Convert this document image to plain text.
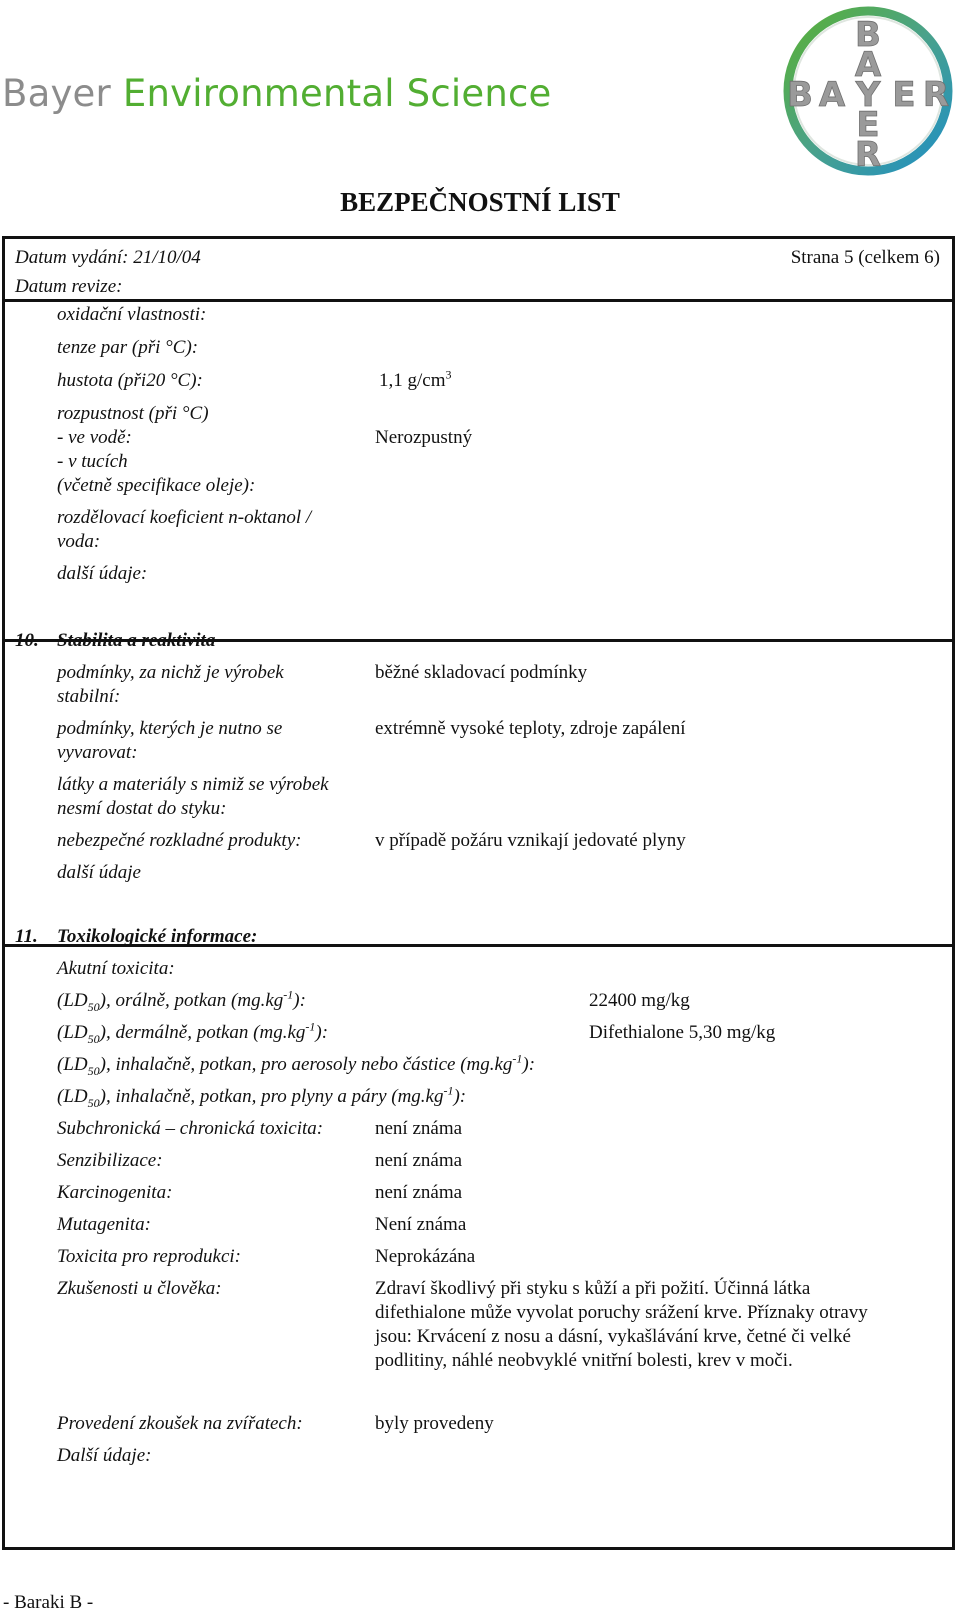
Bayer Environmental Science
B
A
Y
E
R
B A E R
BEZPEČNOSTNÍ LIST
Datum vydání: 21/10/04
Datum revize:
Strana 5 (celkem 6)
oxidační vlastnosti:
tenze par (při °C):
hustota (při20 °C):	1,1 $g/cm^3$
rozpustnost (při °C)
- ve vodě:	Nerozpustný
- v tucích
(včetně specifikace oleje):
rozdělovací koeficient n-oktanol /
voda:
další údaje:
10. Stabilita a reaktivita
podmínky, za nichž je výrobek
stabilní:
běžné skladovací podmínky
podmínky, kterých je nutno se
vyvarovat:
extrémně vysoké teploty, zdroje zapálení
látky a materiály s nimiž se výrobek
nesmí dostat do styku:
nebezpečné rozkladné produkty:	v případě požáru vznikají jedovaté plyny
další údaje
11. Toxikologické informace:
Akutní toxicita:
$(LD_{50})$, orálně, potkan $(mg.kg^{-1})$:	22400 mg/kg
$(LD_{50})$, dermálně, potkan $(mg.kg^{-1})$:	Difethialone 5,30 mg/kg
$(LD_{50})$, inhalačně, potkan, pro aerosoly nebo částice $(mg.kg^{-1})$:
$(LD_{50})$, inhalačně, potkan, pro plyny a páry $(mg.kg^{-1})$:
Subchronická – chronická toxicita:	není známa
Senzibilizace:	není známa
Karcinogenita:	není známa
Mutagenita:	Není známa
Toxicita pro reprodukci:	Neprokázána
Zkušenosti u člověka:	Zdraví škodlivý při styku s kůží a při požití. Účinná látka
difethialone může vyvolat poruchy srážení krve. Příznaky otravy
jsou: Krvácení z nosu a dásní, vykašlávání krve, četné či velké
podlitiny, náhlé neobvyklé vnitřní bolesti, krev v moči.
Provedení zkoušek na zvířatech:	byly provedeny
Další údaje:
- Baraki B -
